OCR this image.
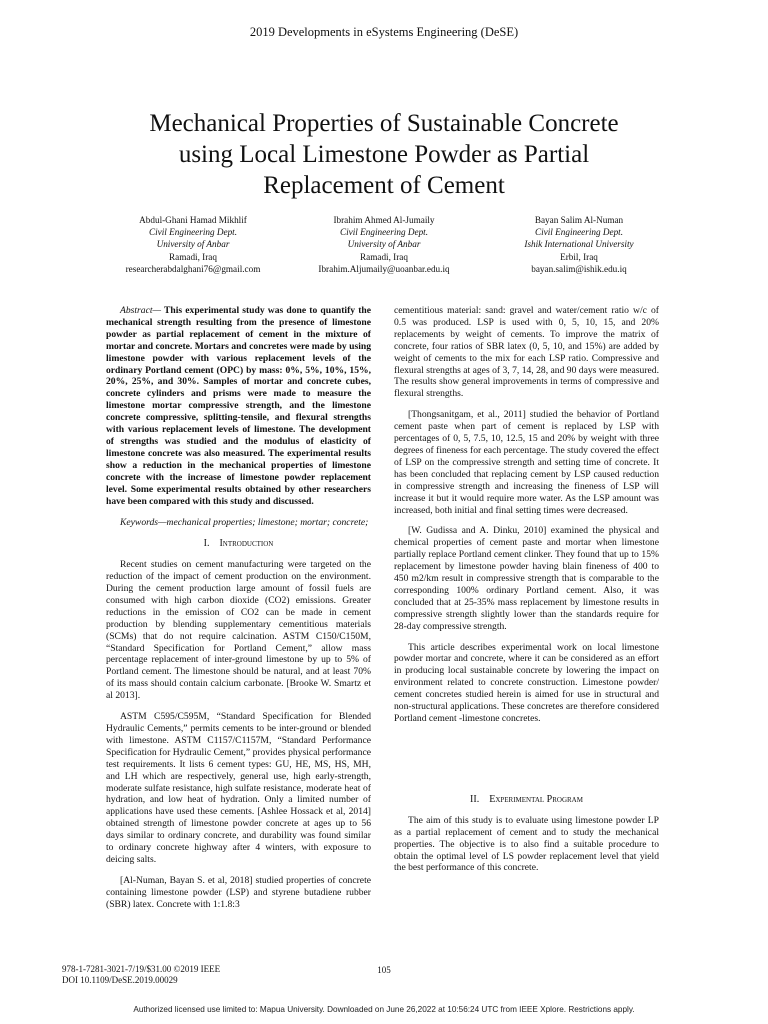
2019 Developments in eSystems Engineering (DeSE)
Mechanical Properties of Sustainable Concrete
using Local Limestone Powder as Partial
Replacement of Cement
Abdul-Ghani Hamad Mikhlif
Civil Engineering Dept.
University of Anbar
Ramadi, Iraq
researcherabdalghani76@gmail.com
Ibrahim Ahmed Al-Jumaily
Civil Engineering Dept.
University of Anbar
Ramadi, Iraq
Ibrahim.Aljumaily@uoanbar.edu.iq
Bayan Salim Al-Numan
Civil Engineering Dept.
Ishik International University
Erbil, Iraq
bayan.salim@ishik.edu.iq

Abstract— This experimental study was done to quantify the mechanical strength resulting from the presence of limestone powder as partial replacement of cement in the mixture of mortar and concrete. Mortars and concretes were made by using limestone powder with various replacement levels of the ordinary Portland cement (OPC) by mass: 0%, 5%, 10%, 15%, 20%, 25%, and 30%. Samples of mortar and concrete cubes, concrete cylinders and prisms were made to measure the limestone mortar compressive strength, and the limestone concrete compressive, splitting-tensile, and flexural strengths with various replacement levels of limestone. The development of strengths was studied and the modulus of elasticity of limestone concrete was also measured. The experimental results show a reduction in the mechanical properties of limestone concrete with the increase of limestone powder replacement level. Some experimental results obtained by other researchers have been compared with this study and discussed.

Keywords—mechanical properties; limestone; mortar; concrete;

I. Introduction

Recent studies on cement manufacturing were targeted on the reduction of the impact of cement production on the environment. During the cement production large amount of fossil fuels are consumed with high carbon dioxide (CO2) emissions. Greater reductions in the emission of CO2 can be made in cement production by blending supplementary cementitious materials (SCMs) that do not require calcination. ASTM C150/C150M, “Standard Specification for Portland Cement,” allow mass percentage replacement of inter-ground limestone by up to 5% of Portland cement. The limestone should be natural, and at least 70% of its mass should contain calcium carbonate. [Brooke W. Smartz et al 2013].

ASTM C595/C595M, “Standard Specification for Blended Hydraulic Cements,” permits cements to be inter-ground or blended with limestone. ASTM C1157/C1157M, “Standard Performance Specification for Hydraulic Cement,” provides physical performance test requirements. It lists 6 cement types: GU, HE, MS, HS, MH, and LH which are respectively, general use, high early-strength, moderate sulfate resistance, high sulfate resistance, moderate heat of hydration, and low heat of hydration. Only a limited number of applications have used these cements. [Ashlee Hossack et al, 2014] obtained strength of limestone powder concrete at ages up to 56 days similar to ordinary concrete, and durability was found similar to ordinary concrete highway after 4 winters, with exposure to deicing salts.

[Al-Numan, Bayan S. et al, 2018] studied properties of concrete containing limestone powder (LSP) and styrene butadiene rubber (SBR) latex. Concrete with 1:1.8:3

cementitious material: sand: gravel and water/cement ratio w/c of 0.5 was produced. LSP is used with 0, 5, 10, 15, and 20% replacements by weight of cements. To improve the matrix of concrete, four ratios of SBR latex (0, 5, 10, and 15%) are added by weight of cements to the mix for each LSP ratio. Compressive and flexural strengths at ages of 3, 7, 14, 28, and 90 days were measured. The results show general improvements in terms of compressive and flexural strengths.

[Thongsanitgam, et al., 2011] studied the behavior of Portland cement paste when part of cement is replaced by LSP with percentages of 0, 5, 7.5, 10, 12.5, 15 and 20% by weight with three degrees of fineness for each percentage. The study covered the effect of LSP on the compressive strength and setting time of concrete. It has been concluded that replacing cement by LSP caused reduction in compressive strength and increasing the fineness of LSP will increase it but it would require more water. As the LSP amount was increased, both initial and final setting times were decreased.

[W. Gudissa and A. Dinku, 2010] examined the physical and chemical properties of cement paste and mortar when limestone partially replace Portland cement clinker. They found that up to 15% replacement by limestone powder having blain fineness of 400 to 450 m2/km result in compressive strength that is comparable to the corresponding 100% ordinary Portland cement. Also, it was concluded that at 25-35% mass replacement by limestone results in compressive strength slightly lower than the standards require for 28-day compressive strength.

This article describes experimental work on local limestone powder mortar and concrete, where it can be considered as an effort in producing local sustainable concrete by lowering the impact on environment related to concrete construction. Limestone powder/ cement concretes studied herein is aimed for use in structural and non-structural applications. These concretes are therefore considered Portland cement -limestone concretes.

II. Experimental Program

The aim of this study is to evaluate using limestone powder LP as a partial replacement of cement and to study the mechanical properties. The objective is to also find a suitable procedure to obtain the optimal level of LS powder replacement level that yield the best performance of this concrete.

978-1-7281-3021-7/19/$31.00 ©2019 IEEE
DOI 10.1109/DeSE.2019.00029
105
Authorized licensed use limited to: Mapua University. Downloaded on June 26,2022 at 10:56:24 UTC from IEEE Xplore. Restrictions apply.
